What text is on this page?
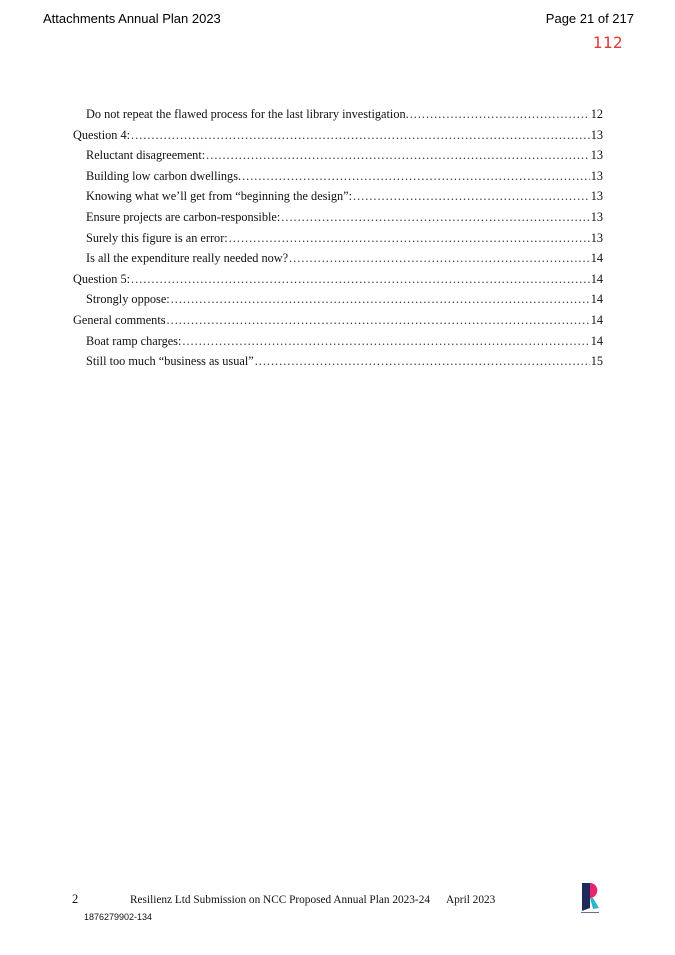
Attachments Annual Plan 2023	Page 21 of 217
112
Do not repeat the flawed process for the last library investigation. .....	12
Question 4: .....	13
Reluctant disagreement: .....	13
Building low carbon dwellings. .....	13
Knowing what we’ll get from “beginning the design”: .....	13
Ensure projects are carbon-responsible: .....	13
Surely this figure is an error: .....	13
Is all the expenditure really needed now? .....	14
Question 5: .....	14
Strongly oppose: .....	14
General comments .....	14
Boat ramp charges: .....	14
Still too much “business as usual” .....	15
2	Resilienz Ltd Submission on NCC Proposed Annual Plan 2023-24 April 2023
1876279902-134
